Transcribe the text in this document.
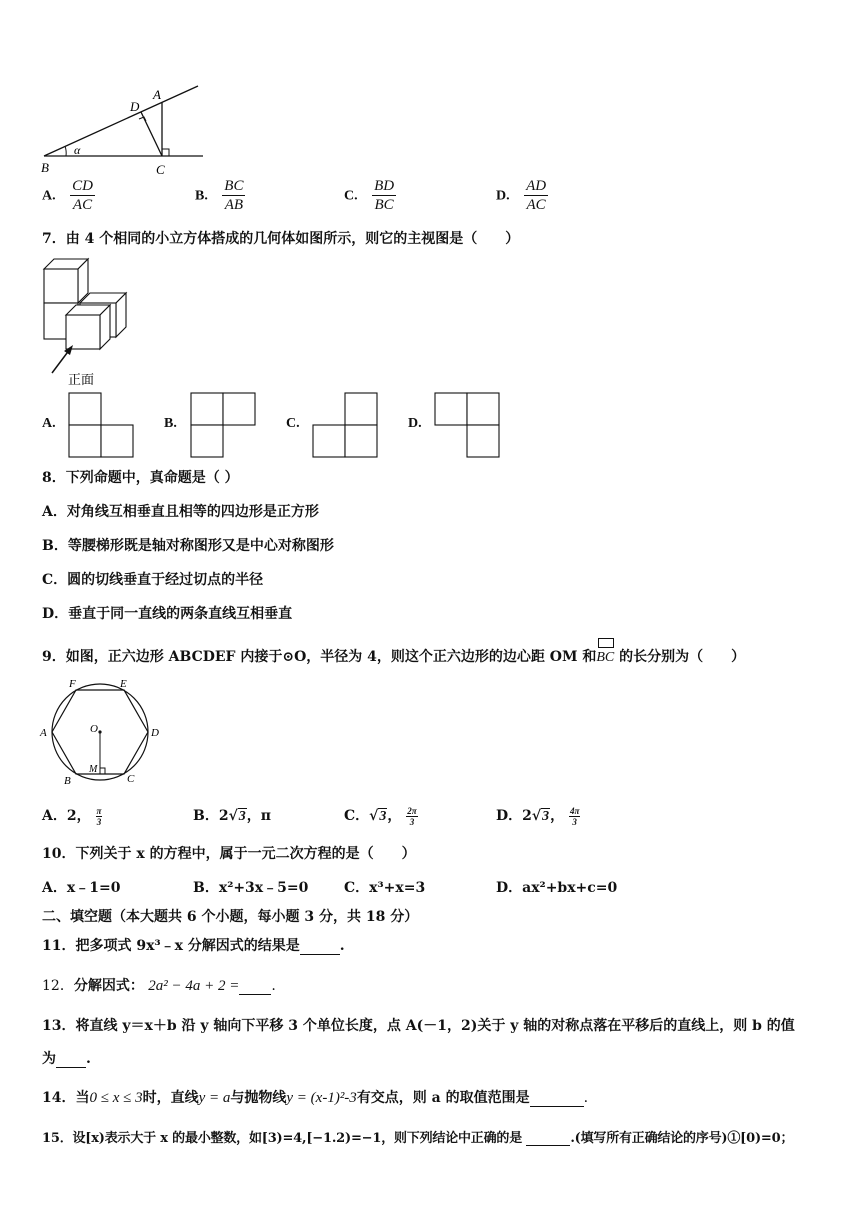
D
A
B	C
α
A. $\frac{CD}{AC}$	B. $\frac{BC}{AB}$	C. $\frac{BD}{BC}$	D. $\frac{AD}{AC}$
7．由 4 个相同的小立方体搭成的几何体如图所示，则它的主视图是（　　）
正面
A.	B.	C.	D.
8．下列命题中，真命题是（ ）
A．对角线互相垂直且相等的四边形是正方形
B．等腰梯形既是轴对称图形又是中心对称图形
C．圆的切线垂直于经过切点的半径
D．垂直于同一直线的两条直线互相垂直
9．如图，正六边形 ABCDEF 内接于⊙O，半径为 4，则这个正六边形的边心距 OM 和
BC 的长分别为（　　）
F	E
A	D
O
M
B	C
A．2， $\frac{\pi}{3}$	B．2√3，π	C．√3， $\frac{2\pi}{3}$	D．2√3， $\frac{4\pi}{3}$
10．下列关于 x 的方程中，属于一元二次方程的是（　　）
A．x﹣1=0	B．x²+3x﹣5=0	C．x³+x=3	D．ax²+bx+c=0
二、填空题（本大题共 6 个小题，每小题 3 分，共 18 分）
11．把多项式 9x³﹣x 分解因式的结果是	.
12．分解因式： 2a² − 4a + 2 = .
13．将直线 y＝x＋b 沿 y 轴向下平移 3 个单位长度，点 A(－1，2)关于 y 轴的对称点落在平移后的直线上，则 b 的值
为 .
14．当0 ≤ x ≤ 3时，直线y = a与抛物线y = (x-1)²-3有交点，则 a 的取值范围是	.
15．设[x)表示大于 x 的最小整数，如[3)=4,[−1.2)=−1，则下列结论中正确的是	.(填写所有正确结论的序号)①[0)=0；
